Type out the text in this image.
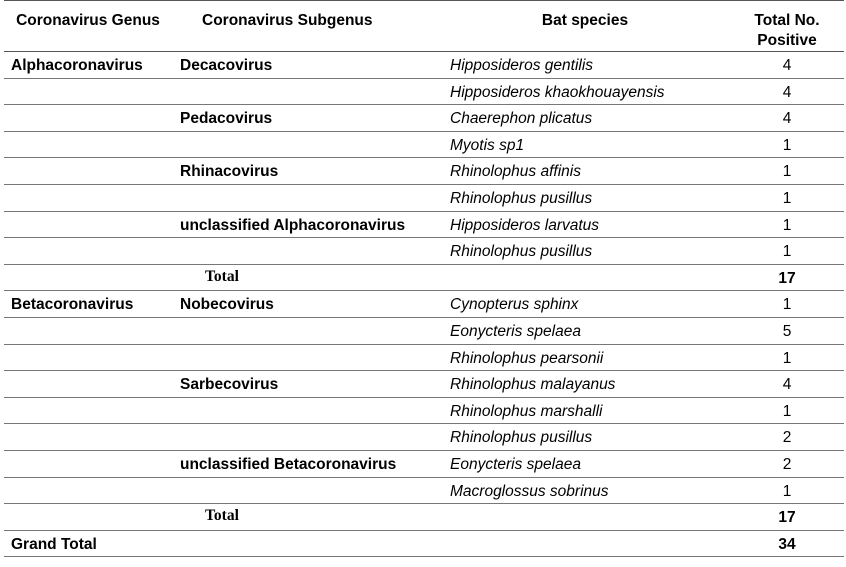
Coronavirus Genus	Coronavirus Subgenus	Bat species	Total No. Positive
Alphacoronavirus	Decacovirus	Hipposideros gentilis	4
		Hipposideros khaokhouayensis	4
	Pedacovirus	Chaerephon plicatus	4
		Myotis sp1	1
	Rhinacovirus	Rhinolophus affinis	1
		Rhinolophus pusillus	1
	unclassified Alphacoronavirus	Hipposideros larvatus	1
		Rhinolophus pusillus	1
	Total		17
Betacoronavirus	Nobecovirus	Cynopterus sphinx	1
		Eonycteris spelaea	5
		Rhinolophus pearsonii	1
	Sarbecovirus	Rhinolophus malayanus	4
		Rhinolophus marshalli	1
		Rhinolophus pusillus	2
	unclassified Betacoronavirus	Eonycteris spelaea	2
		Macroglossus sobrinus	1
	Total		17
Grand Total			34
